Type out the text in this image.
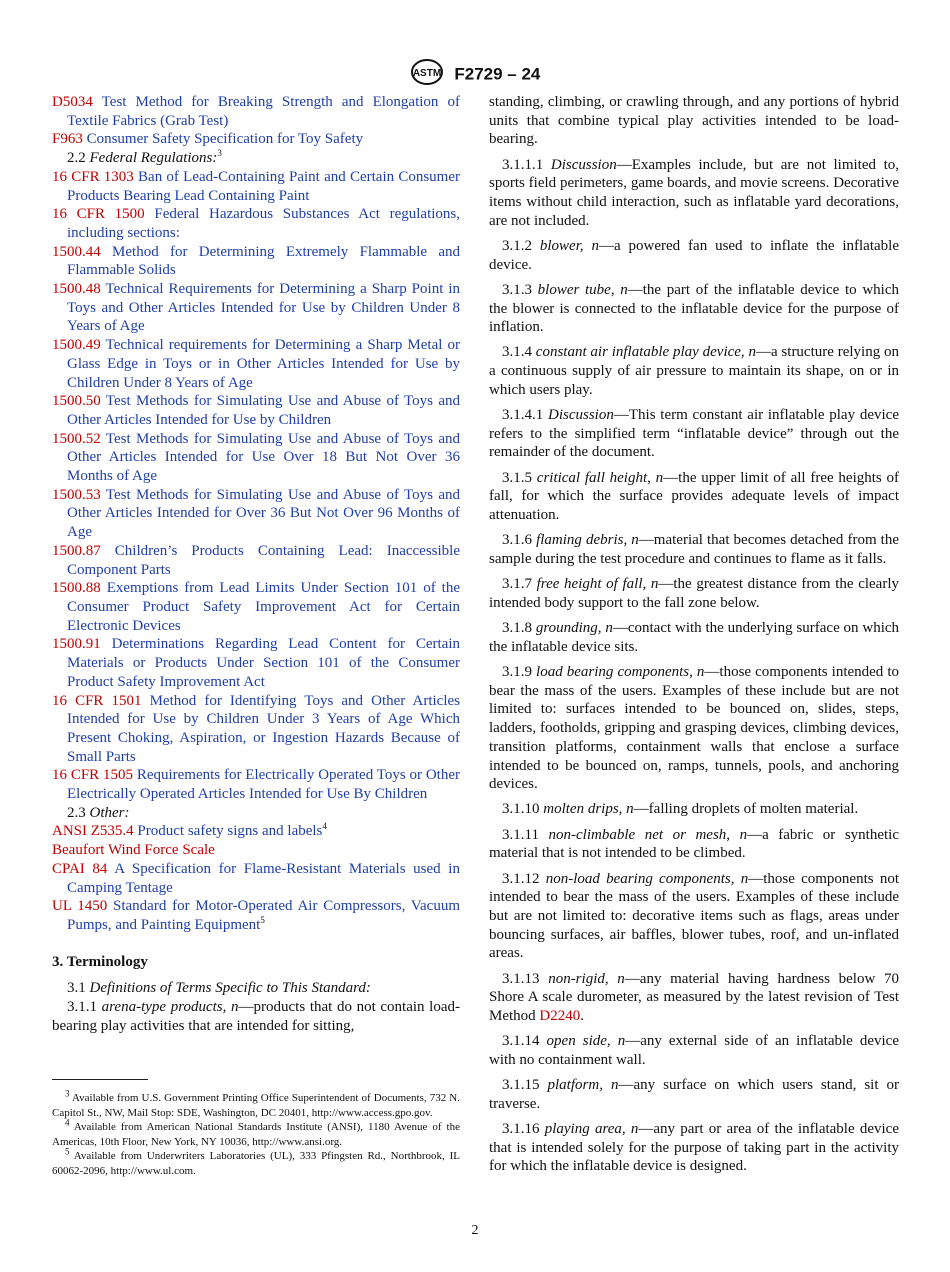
ASTM F2729 – 24

D5034 Test Method for Breaking Strength and Elongation of Textile Fabrics (Grab Test)

F963 Consumer Safety Specification for Toy Safety

2.2 Federal Regulations:$^3$

16 CFR 1303 Ban of Lead-Containing Paint and Certain Consumer Products Bearing Lead Containing Paint

16 CFR 1500 Federal Hazardous Substances Act regulations, including sections:

1500.44 Method for Determining Extremely Flammable and Flammable Solids

1500.48 Technical Requirements for Determining a Sharp Point in Toys and Other Articles Intended for Use by Children Under 8 Years of Age

1500.49 Technical requirements for Determining a Sharp Metal or Glass Edge in Toys or in Other Articles Intended for Use by Children Under 8 Years of Age

1500.50 Test Methods for Simulating Use and Abuse of Toys and Other Articles Intended for Use by Children

1500.52 Test Methods for Simulating Use and Abuse of Toys and Other Articles Intended for Use Over 18 But Not Over 36 Months of Age

1500.53 Test Methods for Simulating Use and Abuse of Toys and Other Articles Intended for Over 36 But Not Over 96 Months of Age

1500.87 Children’s Products Containing Lead: Inaccessible Component Parts

1500.88 Exemptions from Lead Limits Under Section 101 of the Consumer Product Safety Improvement Act for Certain Electronic Devices

1500.91 Determinations Regarding Lead Content for Certain Materials or Products Under Section 101 of the Consumer Product Safety Improvement Act

16 CFR 1501 Method for Identifying Toys and Other Articles Intended for Use by Children Under 3 Years of Age Which Present Choking, Aspiration, or Ingestion Hazards Because of Small Parts

16 CFR 1505 Requirements for Electrically Operated Toys or Other Electrically Operated Articles Intended for Use By Children

2.3 Other:

ANSI Z535.4 Product safety signs and labels$^4$

Beaufort Wind Force Scale

CPAI 84 A Specification for Flame-Resistant Materials used in Camping Tentage

UL 1450 Standard for Motor-Operated Air Compressors, Vacuum Pumps, and Painting Equipment$^5$

3. Terminology

3.1 Definitions of Terms Specific to This Standard:

3.1.1 arena-type products, n—products that do not contain load-bearing play activities that are intended for sitting,

standing, climbing, or crawling through, and any portions of hybrid units that combine typical play activities intended to be load-bearing.

3.1.1.1 Discussion—Examples include, but are not limited to, sports field perimeters, game boards, and movie screens. Decorative items without child interaction, such as inflatable yard decorations, are not included.

3.1.2 blower, n—a powered fan used to inflate the inflatable device.

3.1.3 blower tube, n—the part of the inflatable device to which the blower is connected to the inflatable device for the purpose of inflation.

3.1.4 constant air inflatable play device, n—a structure relying on a continuous supply of air pressure to maintain its shape, on or in which users play.

3.1.4.1 Discussion—This term constant air inflatable play device refers to the simplified term “inflatable device” through out the remainder of the document.

3.1.5 critical fall height, n—the upper limit of all free heights of fall, for which the surface provides adequate levels of impact attenuation.

3.1.6 flaming debris, n—material that becomes detached from the sample during the test procedure and continues to flame as it falls.

3.1.7 free height of fall, n—the greatest distance from the clearly intended body support to the fall zone below.

3.1.8 grounding, n—contact with the underlying surface on which the inflatable device sits.

3.1.9 load bearing components, n—those components intended to bear the mass of the users. Examples of these include but are not limited to: surfaces intended to be bounced on, slides, steps, ladders, footholds, gripping and grasping devices, climbing devices, transition platforms, containment walls that enclose a surface intended to be bounced on, ramps, tunnels, pools, and anchoring devices.

3.1.10 molten drips, n—falling droplets of molten material.

3.1.11 non-climbable net or mesh, n—a fabric or synthetic material that is not intended to be climbed.

3.1.12 non-load bearing components, n—those components not intended to bear the mass of the users. Examples of these include but are not limited to: decorative items such as flags, areas under bouncing surfaces, air baffles, blower tubes, roof, and un-inflated areas.

3.1.13 non-rigid, n—any material having hardness below 70 Shore A scale durometer, as measured by the latest revision of Test Method D2240.

3.1.14 open side, n—any external side of an inflatable device with no containment wall.

3.1.15 platform, n—any surface on which users stand, sit or traverse.

3.1.16 playing area, n—any part or area of the inflatable device that is intended solely for the purpose of taking part in the activity for which the inflatable device is designed.

$^3$ Available from U.S. Government Printing Office Superintendent of Documents, 732 N. Capitol St., NW, Mail Stop: SDE, Washington, DC 20401, http://www.access.gpo.gov.

$^4$ Available from American National Standards Institute (ANSI), 1180 Avenue of the Americas, 10th Floor, New York, NY 10036, http://www.ansi.org.

$^5$ Available from Underwriters Laboratories (UL), 333 Pfingsten Rd., Northbrook, IL 60062-2096, http://www.ul.com.

2
